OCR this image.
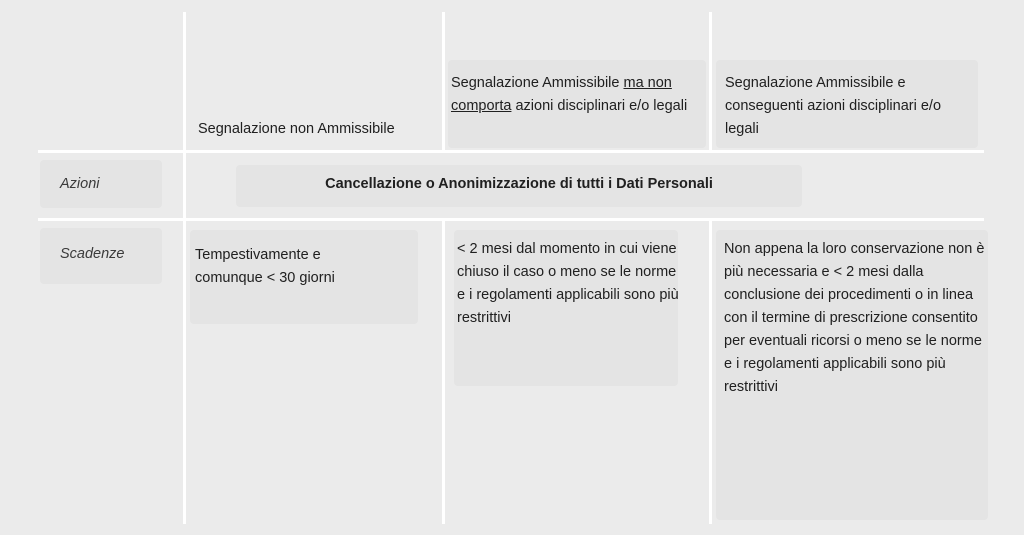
Segnalazione non Ammissibile
Segnalazione Ammissibile ma non comporta azioni disciplinari e/o legali
Segnalazione Ammissibile e conseguenti azioni disciplinari e/o legali
Azioni	Cancellazione o Anonimizzazione di tutti i Dati Personali
Scadenze	Tempestivamente e comunque < 30 giorni
< 2 mesi dal momento in cui viene chiuso il caso o meno se le norme e i regolamenti applicabili sono più restrittivi
Non appena la loro conservazione non è più necessaria e < 2 mesi dalla conclusione dei procedimenti o in linea con il termine di prescrizione consentito per eventuali ricorsi o meno se le norme e i regolamenti applicabili sono più restrittivi
